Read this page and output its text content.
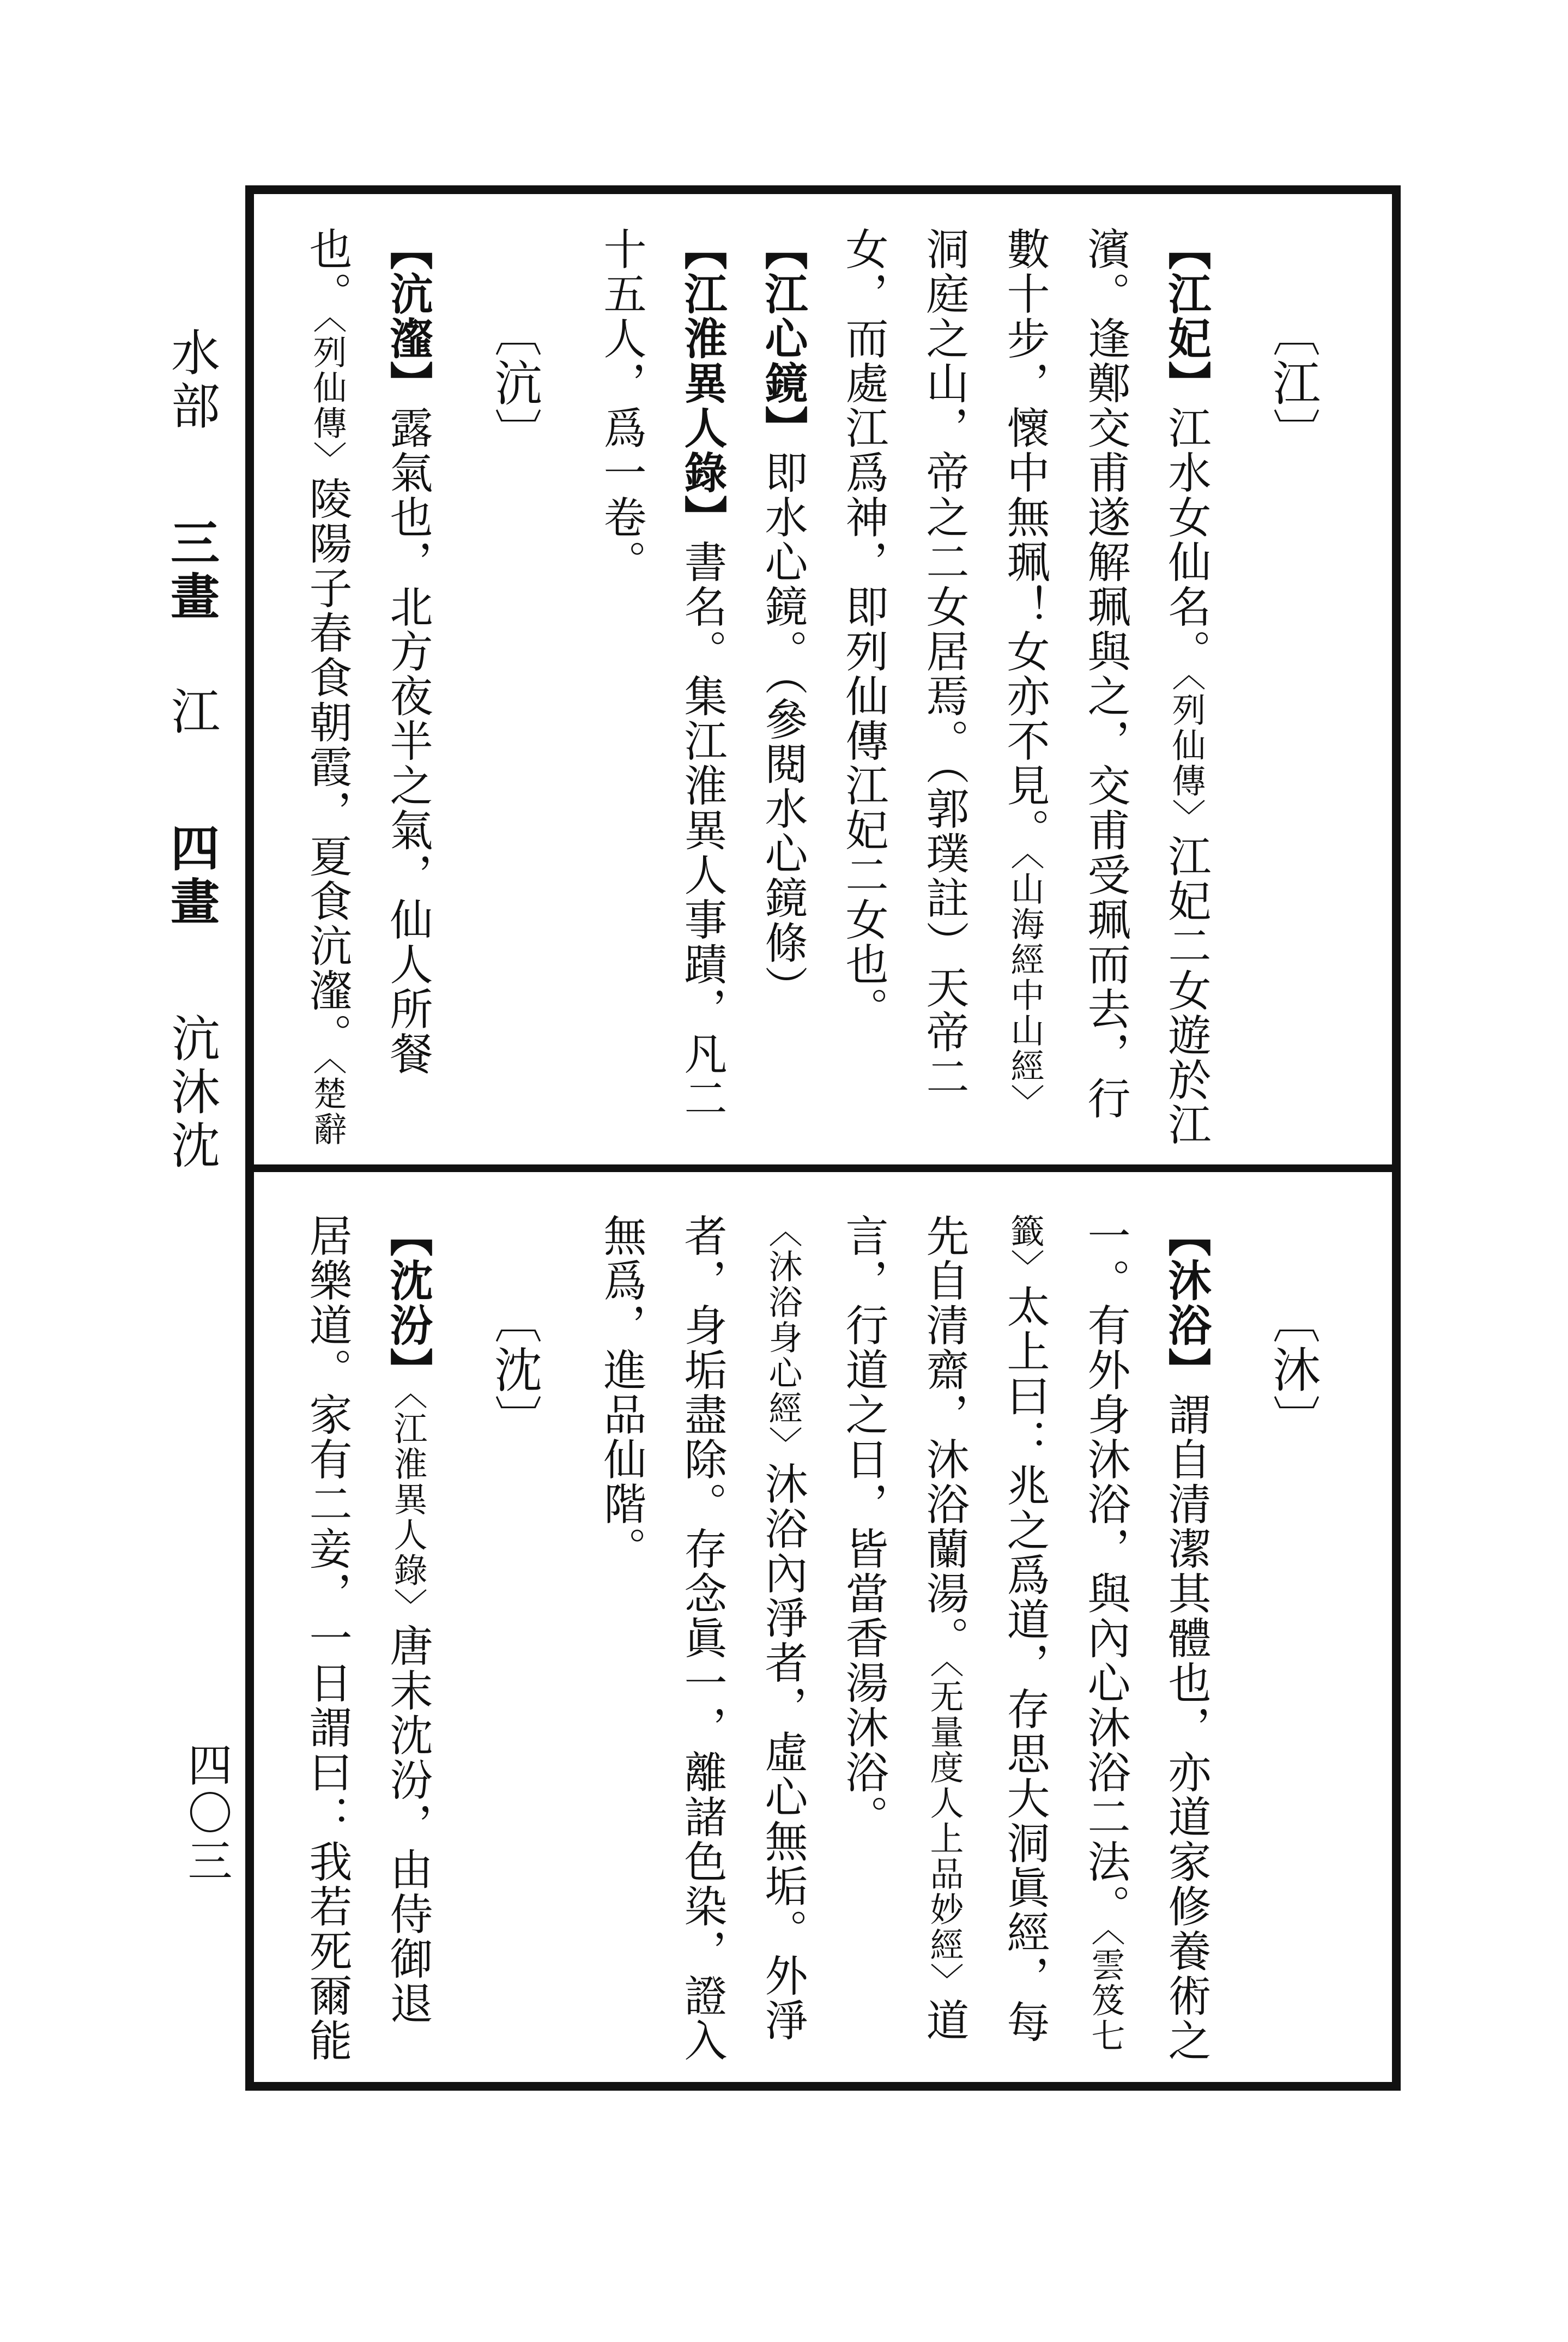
水部 三畫 江 四畫 沆沐沈
四〇三
〔江〕
【江妃】江水女仙名。〈列仙傳〉江妃二女遊於江濱。逢鄭交甫遂解珮與之，交甫受珮而去，行數十步，懷中無珮！女亦不見。〈山海經中山經〉洞庭之山，帝之二女居焉。（郭璞註）天帝二女，而處江爲神，即列仙傳江妃二女也。
【江心鏡】即水心鏡。（參閱水心鏡條）
【江淮異人錄】書名。集江淮異人事蹟，凡二十五人，爲一卷。
〔沆〕
【沆瀣】露氣也，北方夜半之氣，仙人所餐也。〈列仙傳〉陵陽子春食朝霞，夏食沆瀣。〈楚辭
〔沐〕
【沐浴】謂自清潔其體也，亦道家修養術之一。有外身沐浴，與內心沐浴二法。〈雲笈七籤〉太上曰：兆之爲道，存思大洞眞經，每先自清齋，沐浴蘭湯。〈无量度人上品妙經〉道言，行道之日，皆當香湯沐浴。〈沐浴身心經〉沐浴內淨者，虛心無垢。外淨者，身垢盡除。存念眞一，離諸色染，證入無爲，進品仙階。
〔沈〕
【沈汾】〈江淮異人錄〉唐末沈汾，由侍御退居樂道。家有二妾，一日謂曰：我若死爾能
